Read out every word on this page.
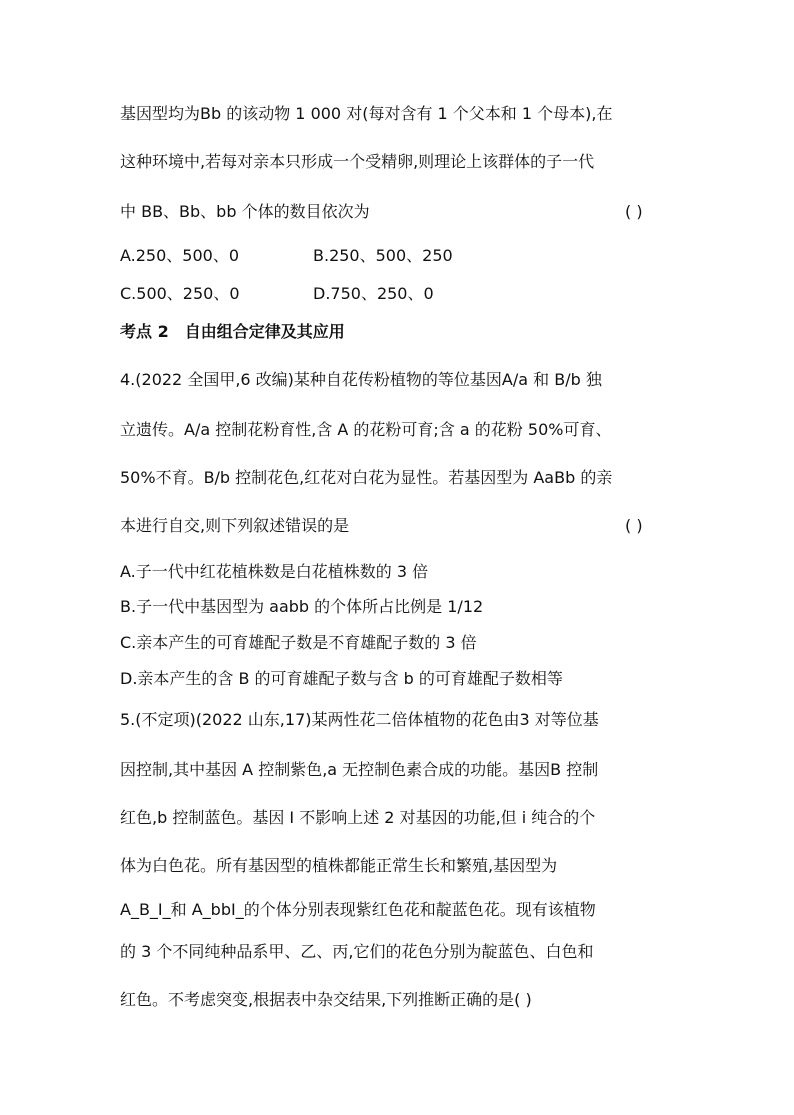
基因型均为Bb 的该动物 1 000 对(每对含有 1 个父本和 1 个母本),在
这种环境中,若每对亲本只形成一个受精卵,则理论上该群体的子一代
中 BB、Bb、bb 个体的数目依次为	( )
A.250、500、0	B.250、500、250
C.500、250、0	D.750、250、0
考点 2　自由组合定律及其应用
4.(2022 全国甲,6 改编)某种自花传粉植物的等位基因A/a 和 B/b 独
立遗传。A/a 控制花粉育性,含 A 的花粉可育;含 a 的花粉 50%可育、
50%不育。B/b 控制花色,红花对白花为显性。若基因型为 AaBb 的亲
本进行自交,则下列叙述错误的是	( )
A.子一代中红花植株数是白花植株数的 3 倍
B.子一代中基因型为 aabb 的个体所占比例是 1/12
C.亲本产生的可育雄配子数是不育雄配子数的 3 倍
D.亲本产生的含 B 的可育雄配子数与含 b 的可育雄配子数相等
5.(不定项)(2022 山东,17)某两性花二倍体植物的花色由3 对等位基
因控制,其中基因 A 控制紫色,a 无控制色素合成的功能。基因B 控制
红色,b 控制蓝色。基因 I 不影响上述 2 对基因的功能,但 i 纯合的个
体为白色花。所有基因型的植株都能正常生长和繁殖,基因型为
A_B_I_和 A_bbI_的个体分别表现紫红色花和靛蓝色花。现有该植物
的 3 个不同纯种品系甲、乙、丙,它们的花色分别为靛蓝色、白色和
红色。不考虑突变,根据表中杂交结果,下列推断正确的是( )
